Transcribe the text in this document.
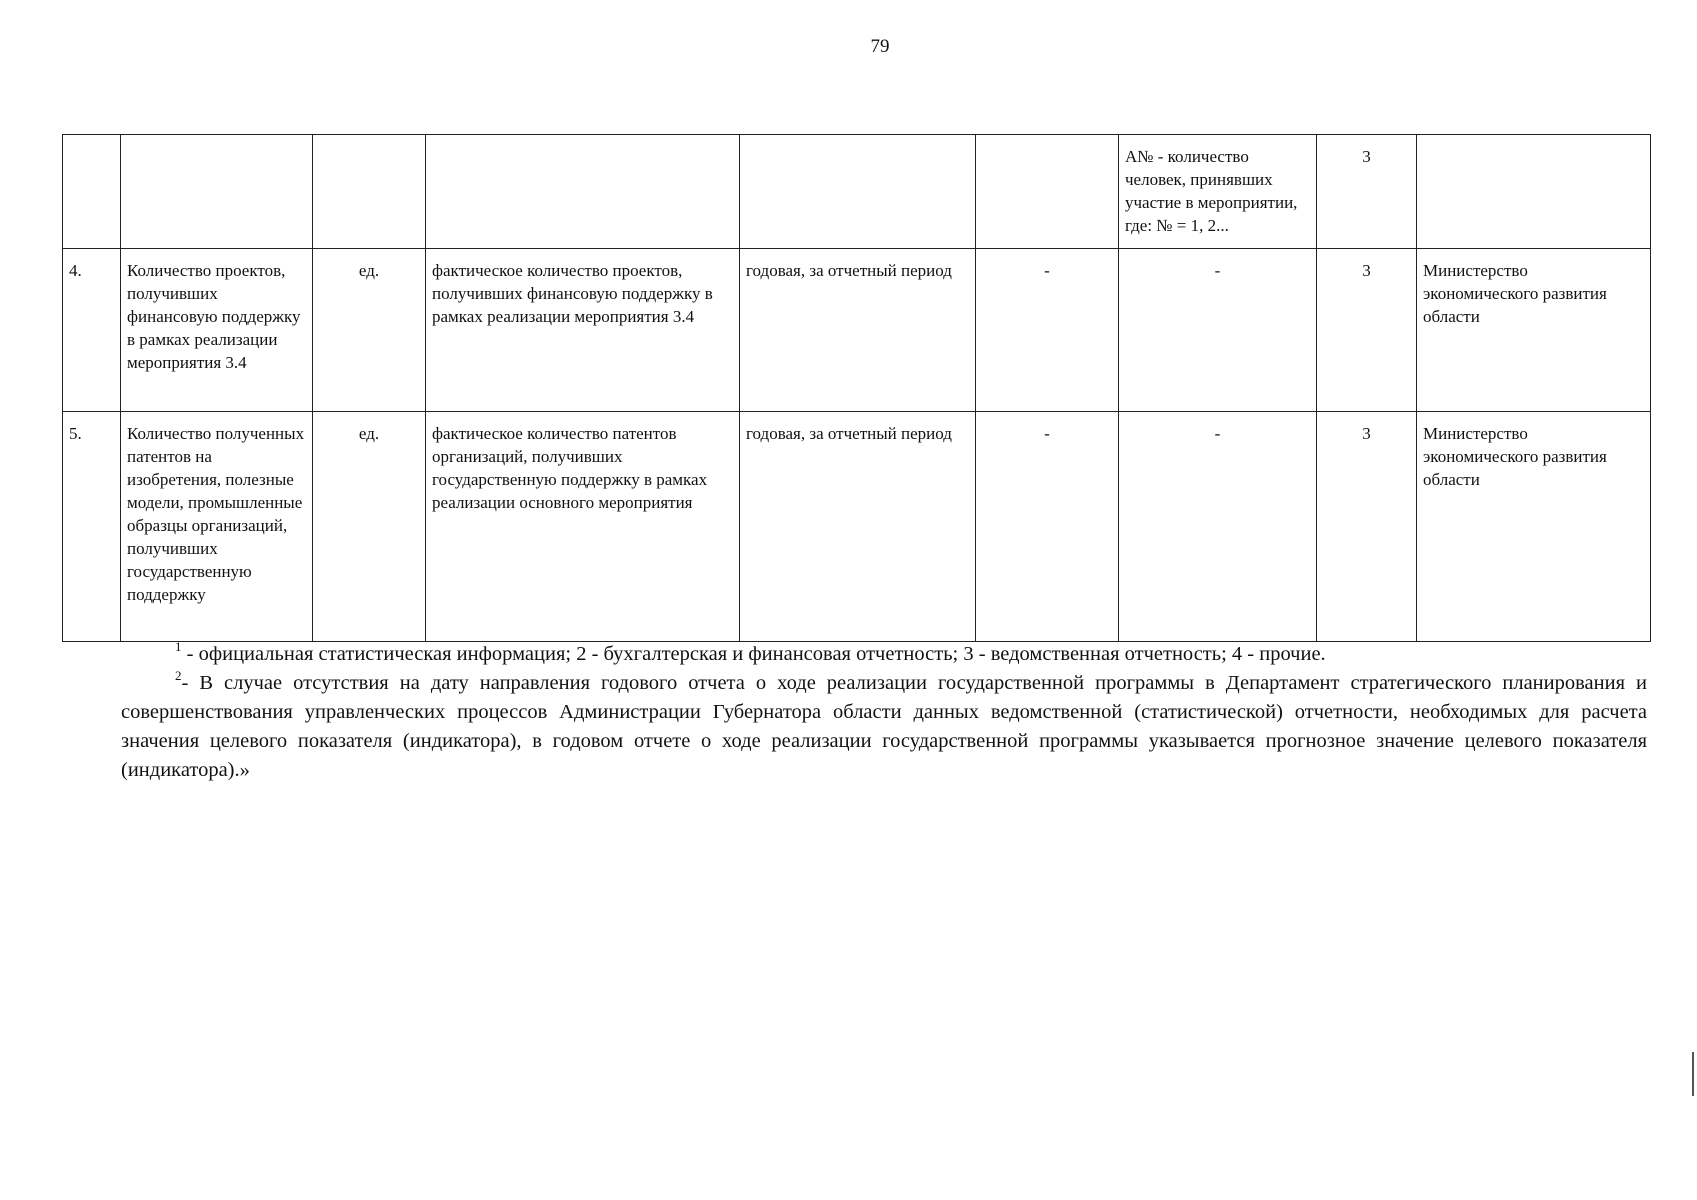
79
						А№ - количество человек, принявших участие в мероприятии, где: № = 1, 2...	3	
4.	Количество проектов, получивших финансовую поддержку в рамках реализации мероприятия 3.4	ед.	фактическое количество проектов, получивших финансовую поддержку в рамках реализации мероприятия 3.4	годовая, за отчетный период	-	-	3	Министерство экономического развития области
5.	Количество полученных патентов на изобретения, полезные модели, промышленные образцы организаций, получивших государственную поддержку	ед.	фактическое количество патентов организаций, получивших государственную поддержку в рамках реализации основного мероприятия	годовая, за отчетный период	-	-	3	Министерство экономического развития области

$^1$ - официальная статистическая информация; 2 - бухгалтерская и финансовая отчетность; 3 - ведомственная отчетность; 4 - прочие.

$^2$- В случае отсутствия на дату направления годового отчета о ходе реализации государственной программы в Департамент стратегического планирования и совершенствования управленческих процессов Администрации Губернатора области данных ведомственной (статистической) отчетности, необходимых для расчета значения целевого показателя (индикатора), в годовом отчете о ходе реализации государственной программы указывается прогнозное значение целевого показателя (индикатора).»
